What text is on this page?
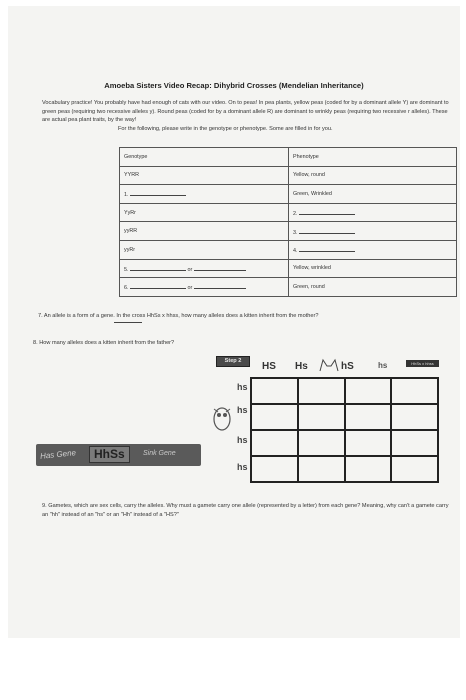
Amoeba Sisters Video Recap: Dihybrid Crosses (Mendelian Inheritance)
Vocabulary practice! You probably have had enough of cats with our video. On to peas! In pea plants, yellow peas (coded for by a dominant allele Y) are dominant to green peas (requiring two recessive alleles y). Round peas (coded for by a dominant allele R) are dominant to wrinkly peas (requiring two recessive r alleles). These are actual pea plant traits, by the way!
For the following, please write in the genotype or phenotype. Some are filled in for you.
Genotype	Phenotype
YYRR	Yellow, round
1.	Green, Wrinkled
YyRr	2.
yyRR	3.
yyRr	4.
5. or	Yellow, wrinkled
6. or	Green, round
7. An allele is a form of a gene. In the cross HhSs x hhss, how many alleles does a kitten inherit from the mother?
8. How many alleles does a kitten inherit from the father?
Step 2	HS Hs	hS	hs	HhSs x hhss
hs
hs
hs
hs
Has Gene	HhSs	Sink Gene
9. Gametes, which are sex cells, carry the alleles. Why must a gamete carry one allele (represented by a letter) from each gene? Meaning, why can't a gamete carry an "hh" instead of an "hs" or an "Hh" instead of a "HS?"
